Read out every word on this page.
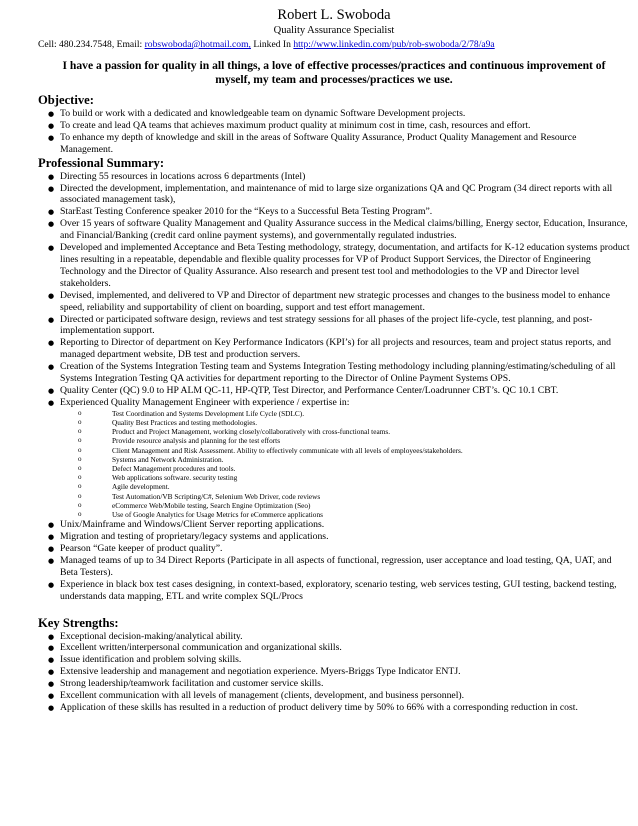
Robert L. Swoboda
Quality Assurance Specialist
Cell: 480.234.7548, Email: robswoboda@hotmail.com, Linked In http://www.linkedin.com/pub/rob-swoboda/2/78/a9a
I have a passion for quality in all things, a love of effective processes/practices and continuous improvement of myself, my team and processes/practices we use.
Objective:
● To build or work with a dedicated and knowledgeable team on dynamic Software Development projects.
● To create and lead QA teams that achieves maximum product quality at minimum cost in time, cash, resources and effort.
● To enhance my depth of knowledge and skill in the areas of Software Quality Assurance, Product Quality Management and Resource Management.
Professional Summary:
● Directing 55 resources in locations across 6 departments (Intel)
● Directed the development, implementation, and maintenance of mid to large size organizations QA and QC Program (34 direct reports with all associated management task),
● StarEast Testing Conference speaker 2010 for the “Keys to a Successful Beta Testing Program”.
● Over 15 years of software Quality Management and Quality Assurance success in the Medical claims/billing, Energy sector, Education, Insurance, and Financial/Banking (credit card online payment systems), and governmentally regulated industries.
● Developed and implemented Acceptance and Beta Testing methodology, strategy, documentation, and artifacts for K-12 education systems product lines resulting in a repeatable, dependable and flexible quality processes for VP of Product Support Services, the Director of Engineering Technology and the Director of Quality Assurance. Also research and present test tool and methodologies to the VP and Director level stakeholders.
● Devised, implemented, and delivered to VP and Director of department new strategic processes and changes to the business model to enhance speed, reliability and supportability of client on boarding, support and test effort management.
● Directed or participated software design, reviews and test strategy sessions for all phases of the project life-cycle, test planning, and post-implementation support.
● Reporting to Director of department on Key Performance Indicators (KPI’s) for all projects and resources, team and project status reports, and managed department website, DB test and production servers.
● Creation of the Systems Integration Testing team and Systems Integration Testing methodology including planning/estimating/scheduling of all Systems Integration Testing QA activities for department reporting to the Director of Online Payment Systems OPS.
● Quality Center (QC) 9.0 to HP ALM QC-11, HP-QTP, Test Director, and Performance Center/Loadrunner CBT’s. QC 10.1 CBT.
● Experienced Quality Management Engineer with experience / expertise in:
o Test Coordination and Systems Development Life Cycle (SDLC).
o Quality Best Practices and testing methodologies.
o Product and Project Management, working closely/collaboratively with cross-functional teams.
o Provide resource analysis and planning for the test efforts
o Client Management and Risk Assessment. Ability to effectively communicate with all levels of employees/stakeholders.
o Systems and Network Administration.
o Defect Management procedures and tools.
o Web applications software. security testing
o Agile development.
o Test Automation/VB Scripting/C#, Selenium Web Driver, code reviews
o eCommerce Web/Mobile testing, Search Engine Optimization (Seo)
o Use of Google Analytics for Usage Metrics for eCommerce applications
● Unix/Mainframe and Windows/Client Server reporting applications.
● Migration and testing of proprietary/legacy systems and applications.
● Pearson “Gate keeper of product quality”.
● Managed teams of up to 34 Direct Reports (Participate in all aspects of functional, regression, user acceptance and load testing, QA, UAT, and Beta Testers).
● Experience in black box test cases designing, in context-based, exploratory, scenario testing, web services testing, GUI testing, backend testing, understands data mapping, ETL and write complex SQL/Procs
Key Strengths:
● Exceptional decision-making/analytical ability.
● Excellent written/interpersonal communication and organizational skills.
● Issue identification and problem solving skills.
● Extensive leadership and management and negotiation experience. Myers-Briggs Type Indicator ENTJ.
● Strong leadership/teamwork facilitation and customer service skills.
● Excellent communication with all levels of management (clients, development, and business personnel).
● Application of these skills has resulted in a reduction of product delivery time by 50% to 66% with a corresponding reduction in cost.
